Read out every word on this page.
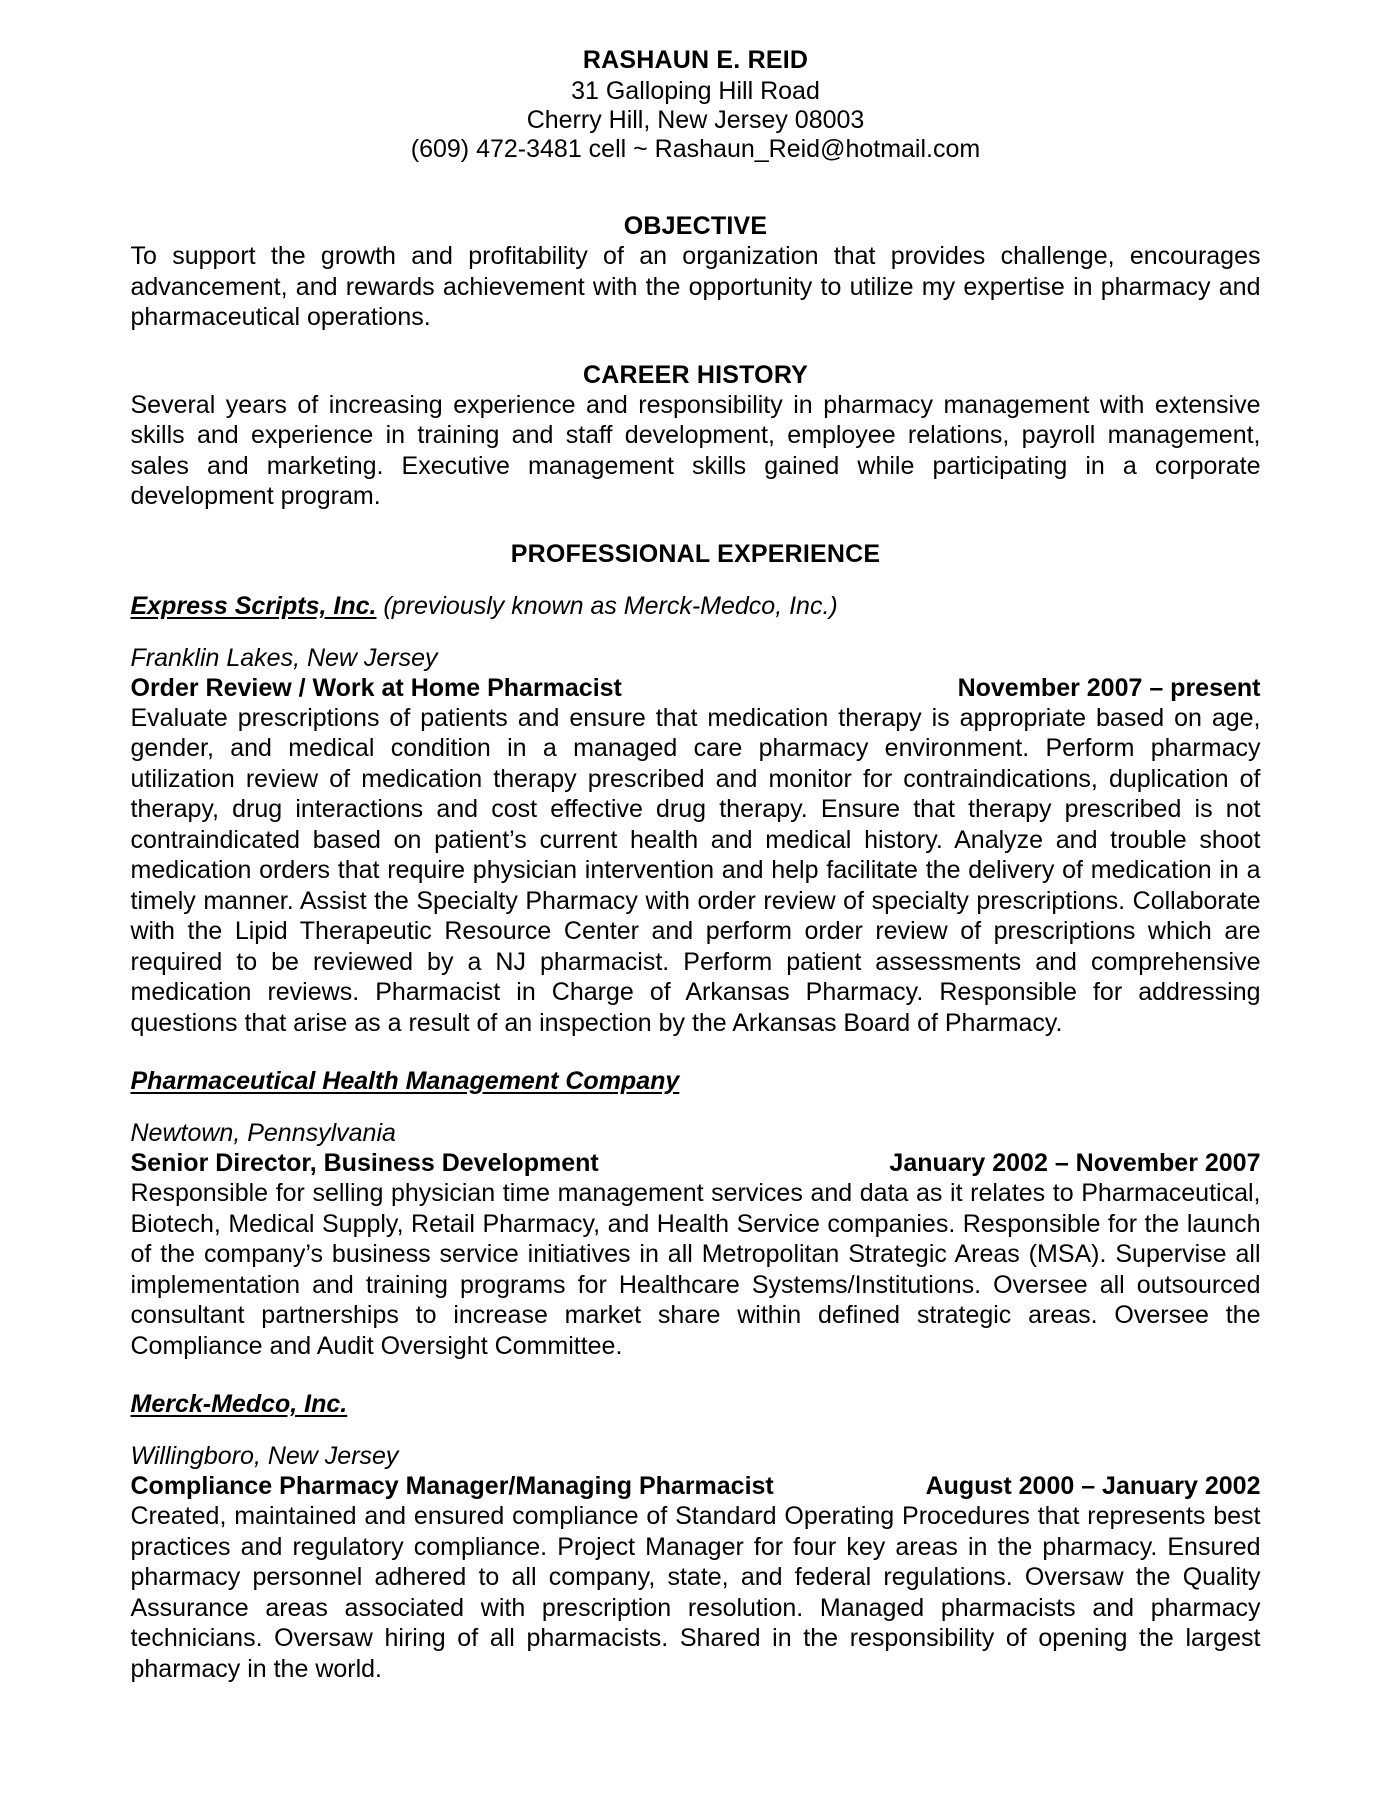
RASHAUN E. REID
31 Galloping Hill Road
Cherry Hill, New Jersey 08003
(609) 472-3481 cell ~ Rashaun_Reid@hotmail.com
OBJECTIVE
To support the growth and profitability of an organization that provides challenge, encourages advancement, and rewards achievement with the opportunity to utilize my expertise in pharmacy and pharmaceutical operations.
CAREER HISTORY
Several years of increasing experience and responsibility in pharmacy management with extensive skills and experience in training and staff development, employee relations, payroll management, sales and marketing. Executive management skills gained while participating in a corporate development program.
PROFESSIONAL EXPERIENCE
Express Scripts, Inc. (previously known as Merck-Medco, Inc.)
Franklin Lakes, New Jersey
Order Review / Work at Home Pharmacist	November 2007 – present
Evaluate prescriptions of patients and ensure that medication therapy is appropriate based on age, gender, and medical condition in a managed care pharmacy environment. Perform pharmacy utilization review of medication therapy prescribed and monitor for contraindications, duplication of therapy, drug interactions and cost effective drug therapy. Ensure that therapy prescribed is not contraindicated based on patient’s current health and medical history. Analyze and trouble shoot medication orders that require physician intervention and help facilitate the delivery of medication in a timely manner. Assist the Specialty Pharmacy with order review of specialty prescriptions. Collaborate with the Lipid Therapeutic Resource Center and perform order review of prescriptions which are required to be reviewed by a NJ pharmacist. Perform patient assessments and comprehensive medication reviews. Pharmacist in Charge of Arkansas Pharmacy. Responsible for addressing questions that arise as a result of an inspection by the Arkansas Board of Pharmacy.
Pharmaceutical Health Management Company
Newtown, Pennsylvania
Senior Director, Business Development	January 2002 – November 2007
Responsible for selling physician time management services and data as it relates to Pharmaceutical, Biotech, Medical Supply, Retail Pharmacy, and Health Service companies. Responsible for the launch of the company’s business service initiatives in all Metropolitan Strategic Areas (MSA). Supervise all implementation and training programs for Healthcare Systems/Institutions. Oversee all outsourced consultant partnerships to increase market share within defined strategic areas. Oversee the Compliance and Audit Oversight Committee.
Merck-Medco, Inc.
Willingboro, New Jersey
Compliance Pharmacy Manager/Managing Pharmacist	August 2000 – January 2002
Created, maintained and ensured compliance of Standard Operating Procedures that represents best practices and regulatory compliance. Project Manager for four key areas in the pharmacy. Ensured pharmacy personnel adhered to all company, state, and federal regulations. Oversaw the Quality Assurance areas associated with prescription resolution. Managed pharmacists and pharmacy technicians. Oversaw hiring of all pharmacists. Shared in the responsibility of opening the largest pharmacy in the world.
